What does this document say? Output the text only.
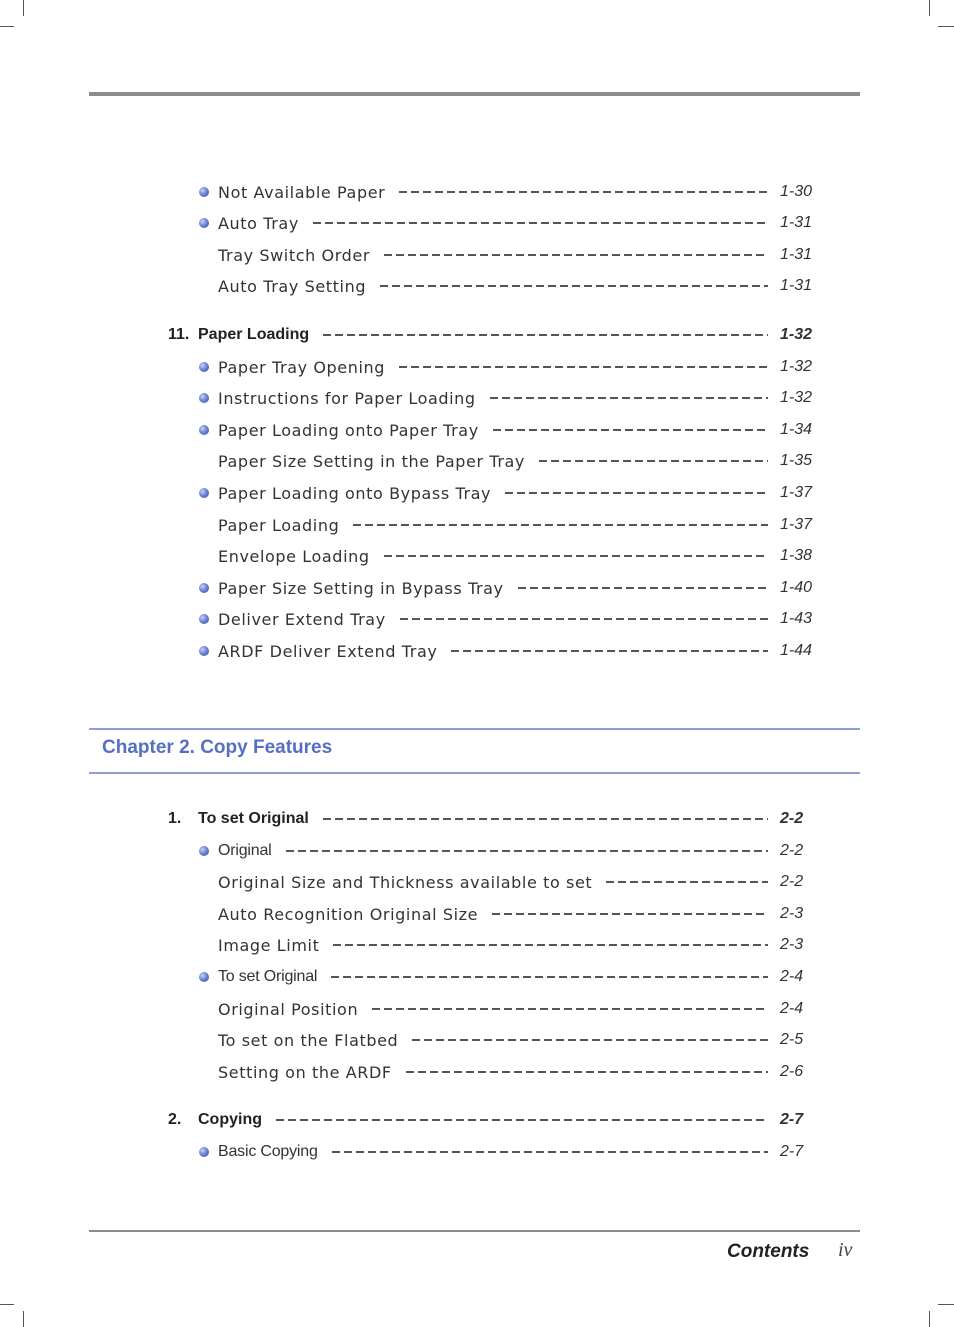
Not Available Paper	1-30
Auto Tray	1-31
Tray Switch Order	1-31
Auto Tray Setting	1-31
11. Paper Loading	1-32
Paper Tray Opening	1-32
Instructions for Paper Loading	1-32
Paper Loading onto Paper Tray	1-34
Paper Size Setting in the Paper Tray	1-35
Paper Loading onto Bypass Tray	1-37
Paper Loading	1-37
Envelope Loading	1-38
Paper Size Setting in Bypass Tray	1-40
Deliver Extend Tray	1-43
ARDF Deliver Extend Tray	1-44
Chapter 2. Copy Features
1.	To set Original	2-2
Original	2-2
Original Size and Thickness available to set	2-2
Auto Recognition Original Size	2-3
Image Limit	2-3
To set Original	2-4
Original Position	2-4
To set on the Flatbed	2-5
Setting on the ARDF	2-6
2.	Copying	2-7
Basic Copying	2-7
Contents iv
